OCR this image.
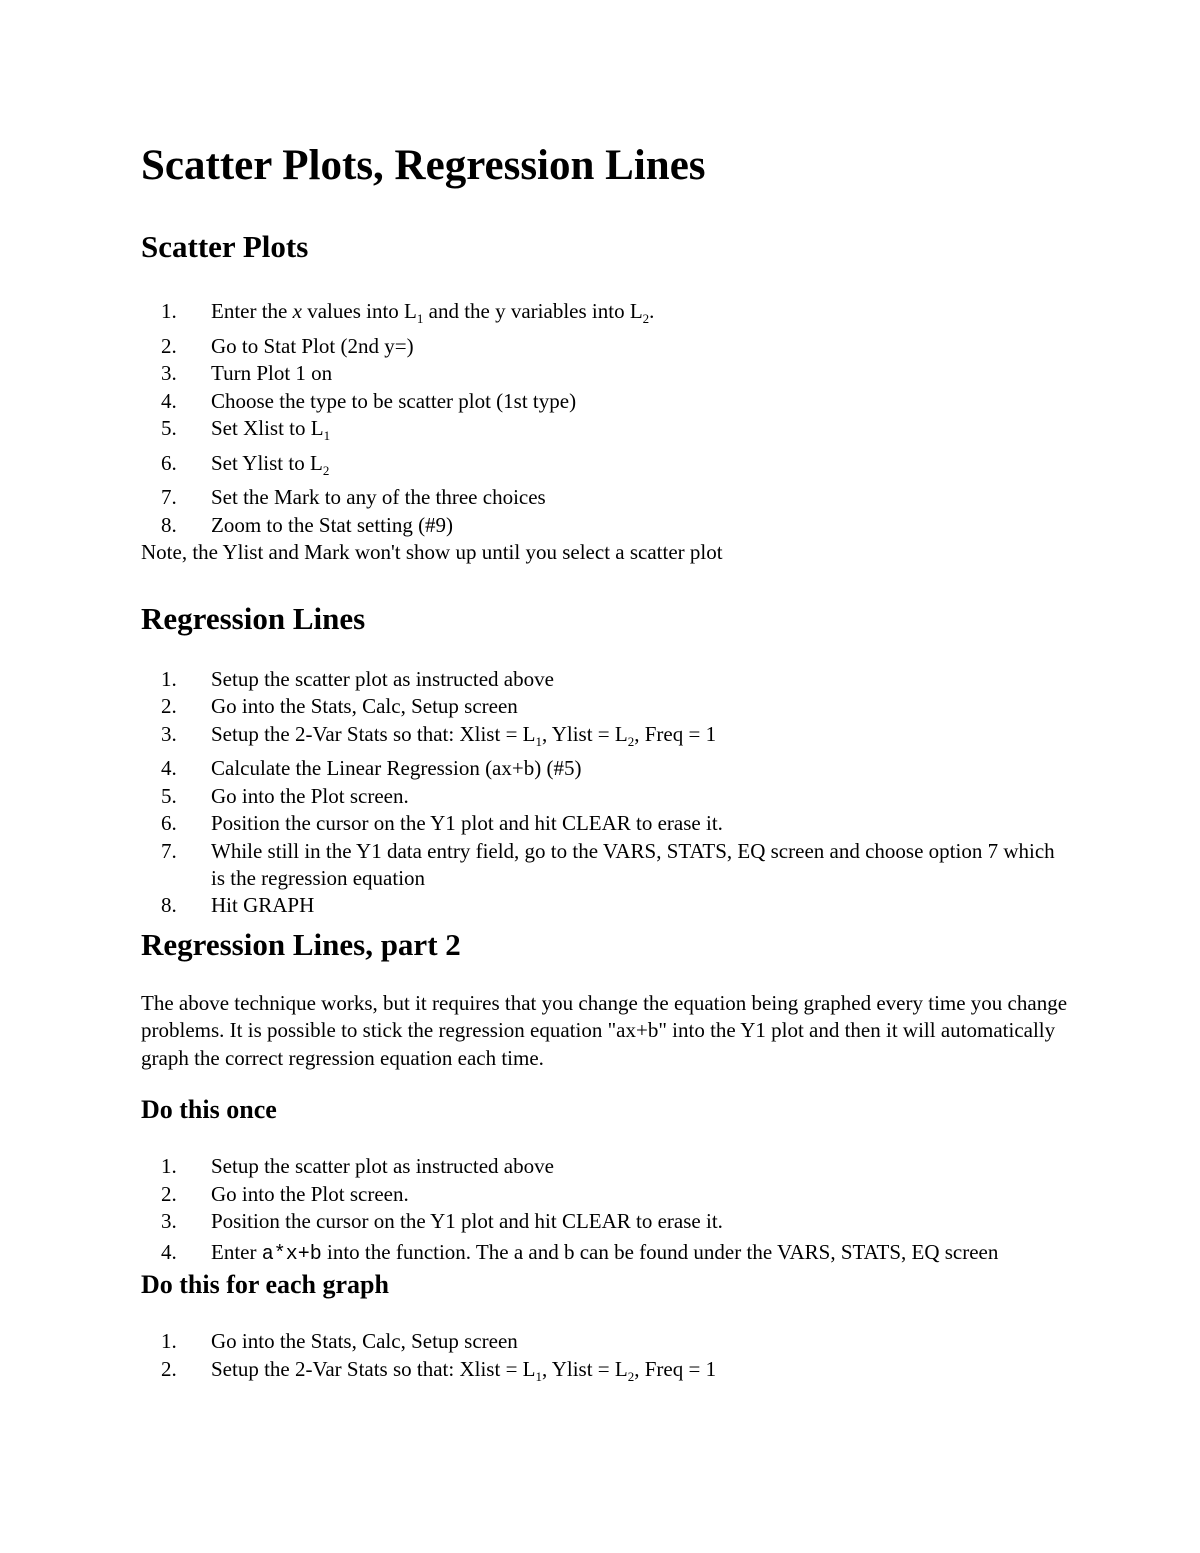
Scatter Plots, Regression Lines
Scatter Plots
1. Enter the x values into $L_1$ and the y variables into $L_2$.
2. Go to Stat Plot (2nd y=)
3. Turn Plot 1 on
4. Choose the type to be scatter plot (1st type)
5. Set Xlist to $L_1$
6. Set Ylist to $L_2$
7. Set the Mark to any of the three choices
8. Zoom to the Stat setting (#9)

Note, the Ylist and Mark won't show up until you select a scatter plot

Regression Lines
1. Setup the scatter plot as instructed above
2. Go into the Stats, Calc, Setup screen
3. Setup the 2-Var Stats so that: Xlist = $L_1$, Ylist = $L_2$, Freq = 1
4. Calculate the Linear Regression (ax+b) (#5)
5. Go into the Plot screen.
6. Position the cursor on the Y1 plot and hit CLEAR to erase it.
7. While still in the Y1 data entry field, go to the VARS, STATS, EQ screen and choose option 7 which is the regression equation
8. Hit GRAPH
Regression Lines, part 2

The above technique works, but it requires that you change the equation being graphed every time you change problems. It is possible to stick the regression equation "ax+b" into the Y1 plot and then it will automatically graph the correct regression equation each time.

Do this once
1. Setup the scatter plot as instructed above
2. Go into the Plot screen.
3. Position the cursor on the Y1 plot and hit CLEAR to erase it.
4. Enter a*x+b into the function. The a and b can be found under the VARS, STATS, EQ screen
Do this for each graph
1. Go into the Stats, Calc, Setup screen
2. Setup the 2-Var Stats so that: Xlist = $L_1$, Ylist = $L_2$, Freq = 1
